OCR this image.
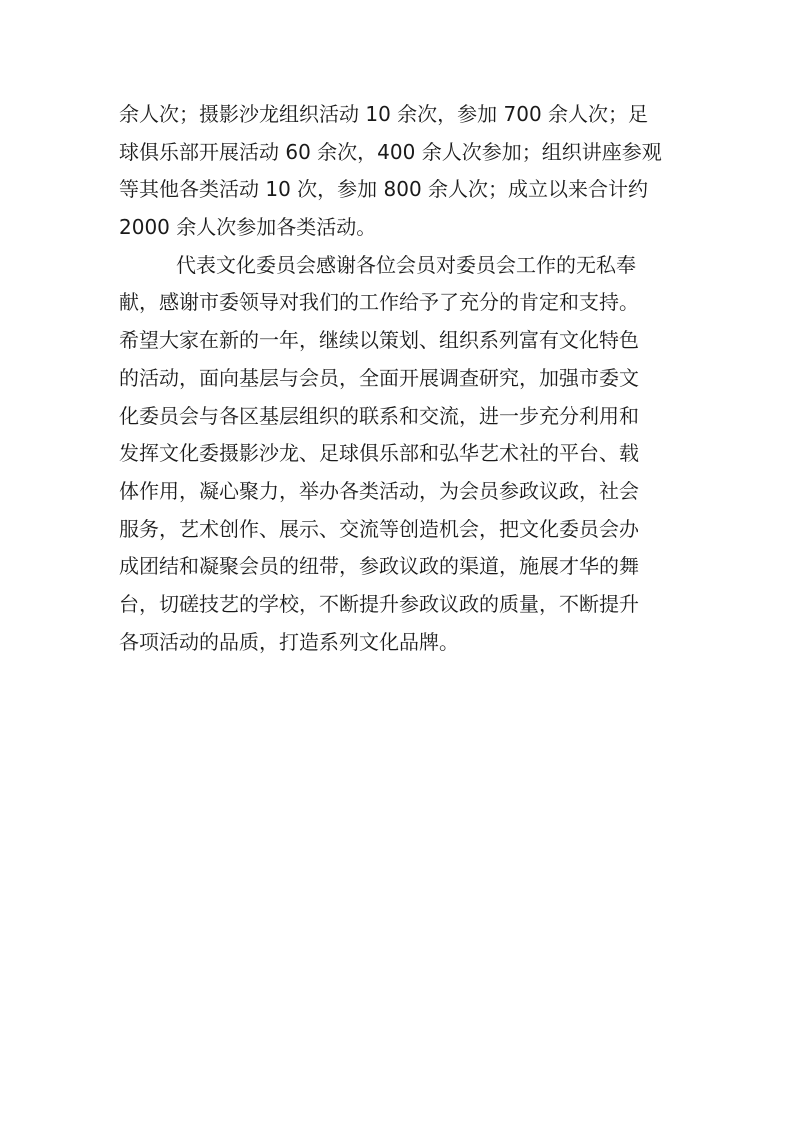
余人次；摄影沙龙组织活动 10 余次，参加 700 余人次；足
球俱乐部开展活动 60 余次，400 余人次参加；组织讲座参观
等其他各类活动 10 次，参加 800 余人次；成立以来合计约
2000 余人次参加各类活动。
代表文化委员会感谢各位会员对委员会工作的无私奉
献，感谢市委领导对我们的工作给予了充分的肯定和支持。
希望大家在新的一年，继续以策划、组织系列富有文化特色
的活动，面向基层与会员，全面开展调查研究，加强市委文
化委员会与各区基层组织的联系和交流，进一步充分利用和
发挥文化委摄影沙龙、足球俱乐部和弘华艺术社的平台、载
体作用，凝心聚力，举办各类活动，为会员参政议政，社会
服务，艺术创作、展示、交流等创造机会，把文化委员会办
成团结和凝聚会员的纽带，参政议政的渠道，施展才华的舞
台，切磋技艺的学校，不断提升参政议政的质量，不断提升
各项活动的品质，打造系列文化品牌。
